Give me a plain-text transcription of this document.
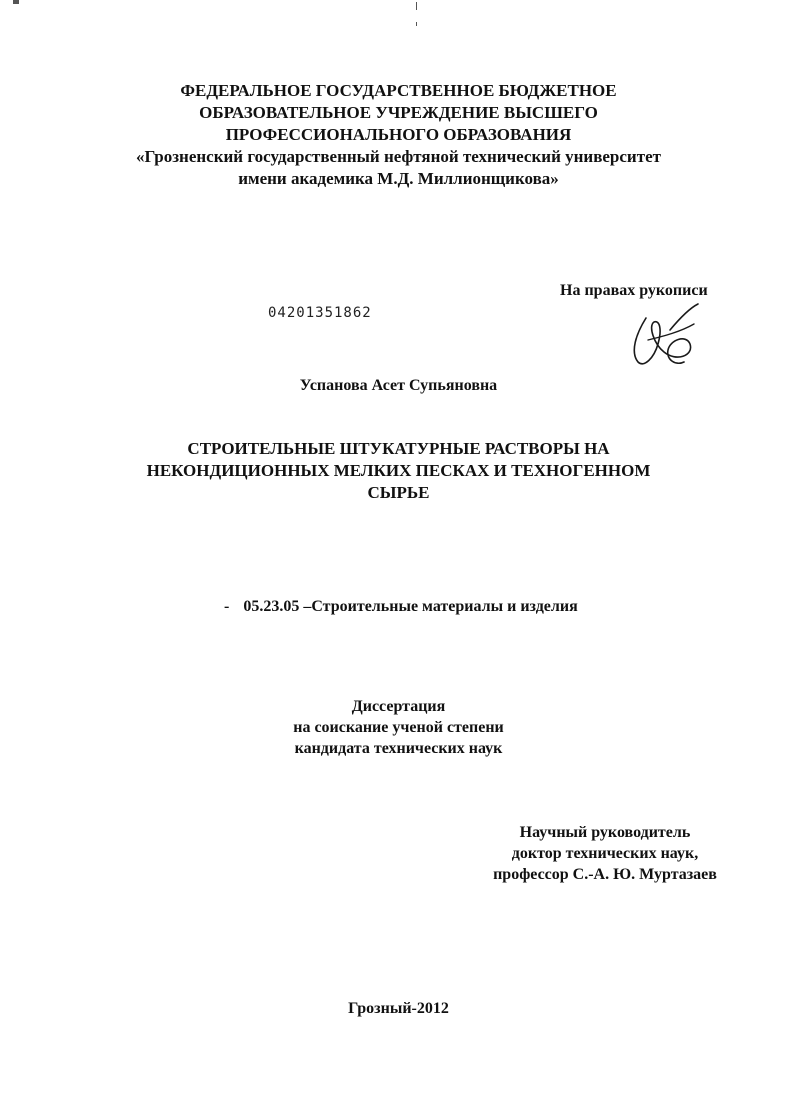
ФЕДЕРАЛЬНОЕ ГОСУДАРСТВЕННОЕ БЮДЖЕТНОЕ
ОБРАЗОВАТЕЛЬНОЕ УЧРЕЖДЕНИЕ ВЫСШЕГО
ПРОФЕССИОНАЛЬНОГО ОБРАЗОВАНИЯ
«Грозненский государственный нефтяной технический университет
имени академика М.Д. Миллионщикова»
На правах рукописи
04201351862
Успанова Асет Супьяновна
СТРОИТЕЛЬНЫЕ ШТУКАТУРНЫЕ РАСТВОРЫ НА
НЕКОНДИЦИОННЫХ МЕЛКИХ ПЕСКАХ И ТЕХНОГЕННОМ
СЫРЬЕ
- 05.23.05 –Строительные материалы и изделия
Диссертация
на соискание ученой степени
кандидата технических наук
Научный руководитель
доктор технических наук,
профессор С.-А. Ю. Муртазаев
Грозный-2012
